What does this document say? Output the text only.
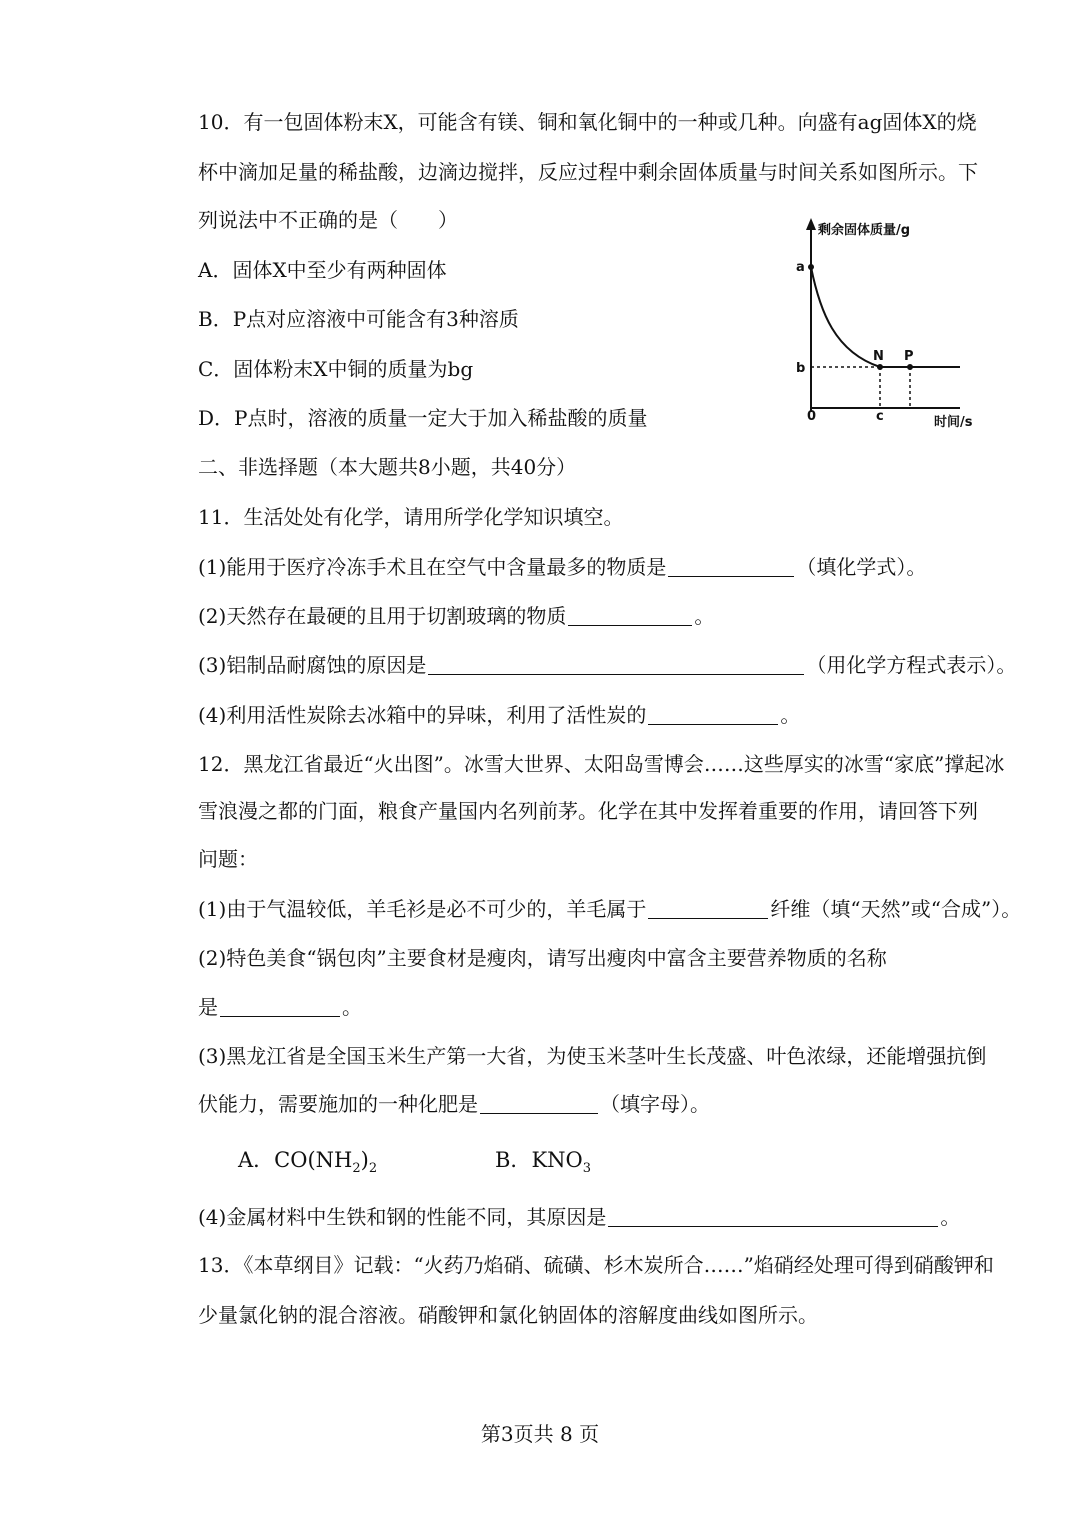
10．有一包固体粉末X，可能含有镁、铜和氧化铜中的一种或几种。向盛有ag固体X的烧
杯中滴加足量的稀盐酸，边滴边搅拌，反应过程中剩余固体质量与时间关系如图所示。下
列说法中不正确的是（　　）
A．固体X中至少有两种固体
B．P点对应溶液中可能含有3种溶质
C．固体粉末X中铜的质量为bg
D．P点时，溶液的质量一定大于加入稀盐酸的质量
剩余固体质量/g
a
b
N P
0	c	时间/s
二、非选择题（本大题共8小题，共40分）
11．生活处处有化学，请用所学化学知识填空。
(1)能用于医疗冷冻手术且在空气中含量最多的物质是	（填化学式）。
(2)天然存在最硬的且用于切割玻璃的物质	。
(3)铝制品耐腐蚀的原因是	（用化学方程式表示）。
(4)利用活性炭除去冰箱中的异味，利用了活性炭的	。
12．黑龙江省最近“火出图”。冰雪大世界、太阳岛雪博会……这些厚实的冰雪“家底”撑起冰
雪浪漫之都的门面，粮食产量国内名列前茅。化学在其中发挥着重要的作用，请回答下列
问题：
(1)由于气温较低，羊毛衫是必不可少的，羊毛属于	纤维（填“天然”或“合成”）。
(2)特色美食“锅包肉”主要食材是瘦肉，请写出瘦肉中富含主要营养物质的名称
是	。
(3)黑龙江省是全国玉米生产第一大省，为使玉米茎叶生长茂盛、叶色浓绿，还能增强抗倒
伏能力，需要施加的一种化肥是	（填字母）。
A．$CO(NH_2)_2$	B．$KNO_3$
(4)金属材料中生铁和钢的性能不同，其原因是	。
13．《本草纲目》记载：“火药乃焰硝、硫磺、杉木炭所合……”焰硝经处理可得到硝酸钾和
少量氯化钠的混合溶液。硝酸钾和氯化钠固体的溶解度曲线如图所示。
第3页共 8 页
